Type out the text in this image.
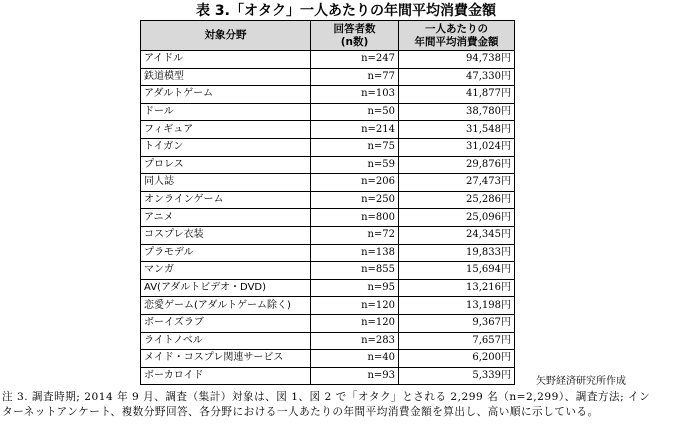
表 3.「オタク」一人あたりの年間平均消費金額
対象分野	回答者数
(n数)	一人あたりの
年間平均消費金額

アイドル	n=247	94,738円
鉄道模型	n=77	47,330円
アダルトゲーム	n=103	41,877円
ドール	n=50	38,780円
フィギュア	n=214	31,548円
トイガン	n=75	31,024円
プロレス	n=59	29,876円
同人誌	n=206	27,473円
オンラインゲーム	n=250	25,286円
アニメ	n=800	25,096円
コスプレ衣装	n=72	24,345円
プラモデル	n=138	19,833円
マンガ	n=855	15,694円
AV(アダルトビデオ・DVD)	n=95	13,216円
恋愛ゲーム(アダルトゲーム除く)	n=120	13,198円
ボーイズラブ	n=120	9,367円
ライトノベル	n=283	7,657円
メイド・コスプレ関連サービス	n=40	6,200円
ボーカロイド	n=93	5,339円
矢野経済研究所作成
注 3. 調査時期; 2014 年 9 月、調査（集計）対象は、図 1、図 2 で「オタク」とされる 2,299 名（n=2,299）、調査方法; イン
ターネットアンケート、複数分野回答、各分野における一人あたりの年間平均消費金額を算出し、高い順に示している。
